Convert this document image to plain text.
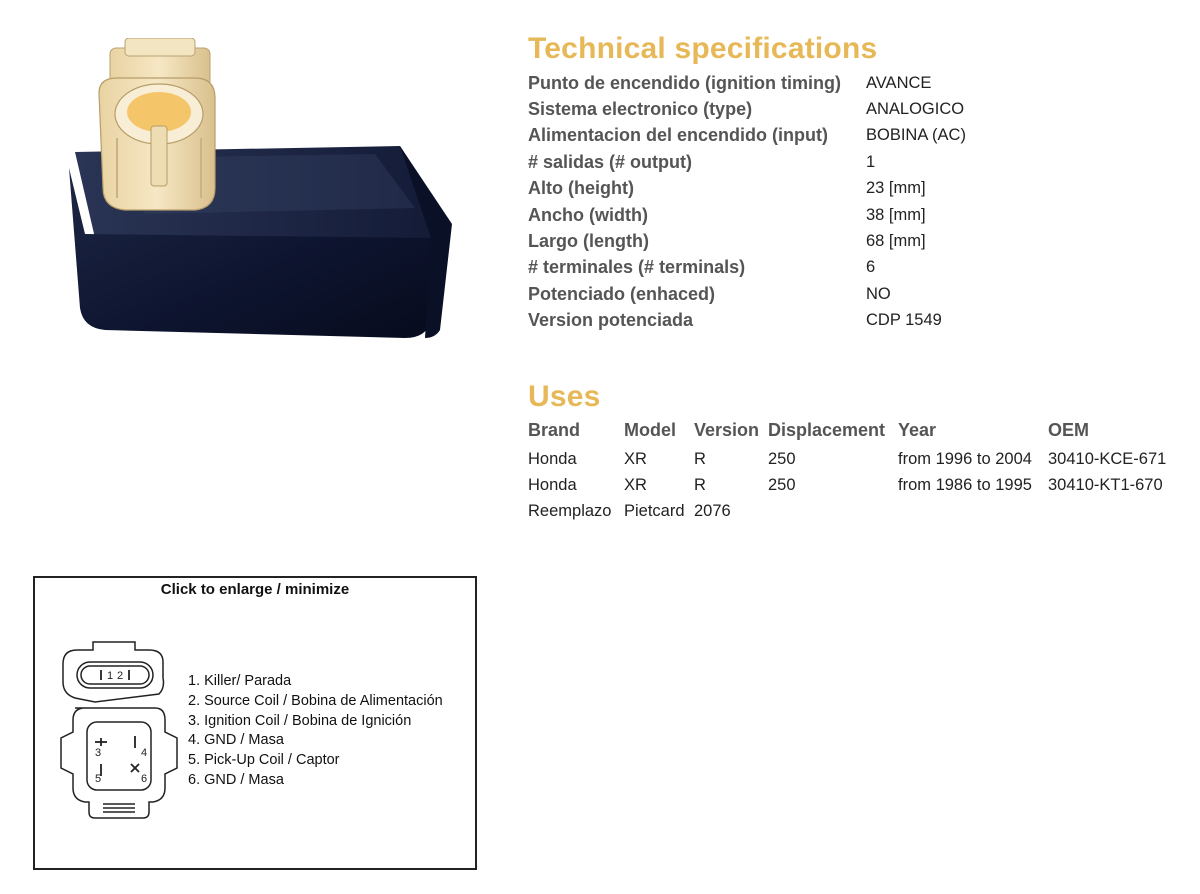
Technical specifications
Punto de encendido (ignition timing)	AVANCE
Sistema electronico (type)	ANALOGICO
Alimentacion del encendido (input)	BOBINA (AC)
# salidas (# output)	1
Alto (height)	23 [mm]
Ancho (width)	38 [mm]
Largo (length)	68 [mm]
# terminales (# terminals)	6
Potenciado (enhaced)	NO
Version potenciada	CDP 1549
Uses
Brand	Model	Version	Displacement	Year	OEM
Honda	XR	R	250	from 1996 to 2004	30410-KCE-671
Honda	XR	R	250	from 1986 to 1995	30410-KT1-670
Reemplazo	Pietcard	2076			
Click to enlarge / minimize
1 2
3	4
5	6
1. Killer/ Parada
2. Source Coil / Bobina de Alimentación
3. Ignition Coil / Bobina de Ignición
4. GND / Masa
5. Pick-Up Coil / Captor
6. GND / Masa
